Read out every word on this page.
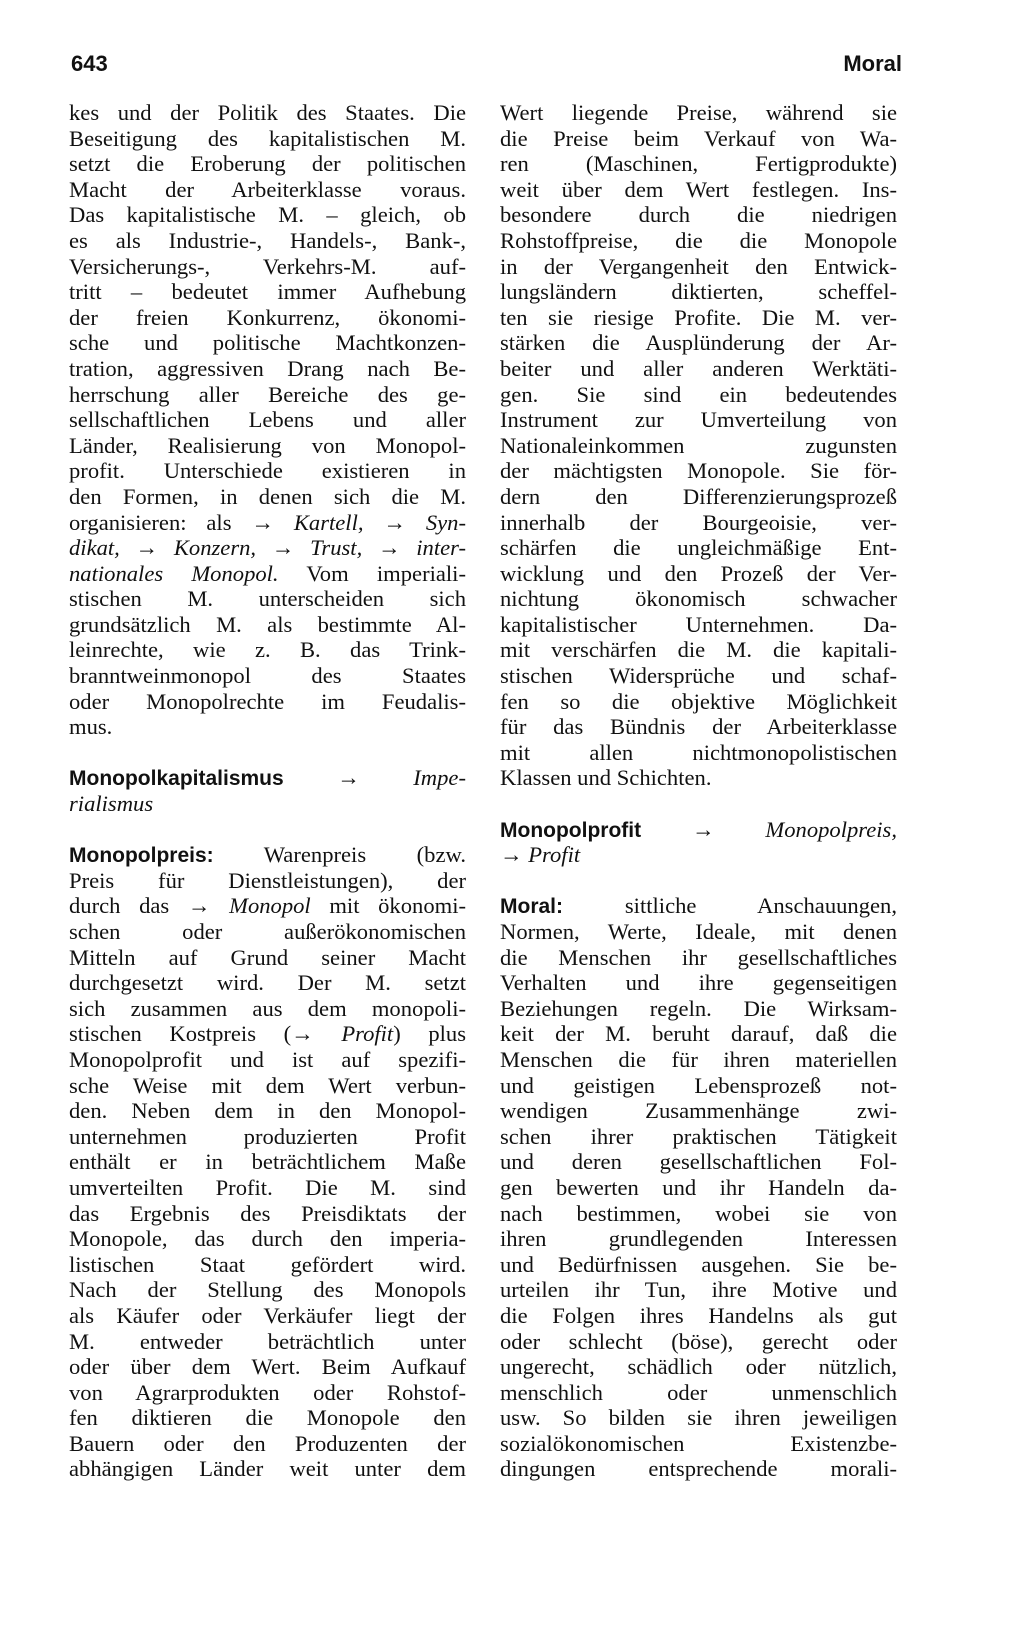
643	Moral
kes und der Politik des Staates. Die
Beseitigung des kapitalistischen M.
setzt die Eroberung der politischen
Macht der Arbeiterklasse voraus.
Das kapitalistische M. – gleich, ob
es als Industrie-, Handels-, Bank-,
Versicherungs-, Verkehrs-M. auf-
tritt – bedeutet immer Aufhebung
der freien Konkurrenz, ökonomi-
sche und politische Machtkonzen-
tration, aggressiven Drang nach Be-
herrschung aller Bereiche des ge-
sellschaftlichen Lebens und aller
Länder, Realisierung von Monopol-
profit. Unterschiede existieren in
den Formen, in denen sich die M.
organisieren: als → Kartell, → Syn-
dikat, → Konzern, → Trust, → inter-
nationales Monopol. Vom imperiali-
stischen M. unterscheiden sich
grundsätzlich M. als bestimmte Al-
leinrechte, wie z. B. das Trink-
branntweinmonopol des Staates
oder Monopolrechte im Feudalis-
mus.
Monopolkapitalismus → Impe-
rialismus
Monopolpreis: Warenpreis (bzw.
Preis für Dienstleistungen), der
durch das → Monopol mit ökonomi-
schen oder außerökonomischen
Mitteln auf Grund seiner Macht
durchgesetzt wird. Der M. setzt
sich zusammen aus dem monopoli-
stischen Kostpreis (→ Profit) plus
Monopolprofit und ist auf spezifi-
sche Weise mit dem Wert verbun-
den. Neben dem in den Monopol-
unternehmen produzierten Profit
enthält er in beträchtlichem Maße
umverteilten Profit. Die M. sind
das Ergebnis des Preisdiktats der
Monopole, das durch den imperia-
listischen Staat gefördert wird.
Nach der Stellung des Monopols
als Käufer oder Verkäufer liegt der
M. entweder beträchtlich unter
oder über dem Wert. Beim Aufkauf
von Agrarprodukten oder Rohstof-
fen diktieren die Monopole den
Bauern oder den Produzenten der
abhängigen Länder weit unter dem
Wert liegende Preise, während sie
die Preise beim Verkauf von Wa-
ren (Maschinen, Fertigprodukte)
weit über dem Wert festlegen. Ins-
besondere durch die niedrigen
Rohstoffpreise, die die Monopole
in der Vergangenheit den Entwick-
lungsländern diktierten, scheffel-
ten sie riesige Profite. Die M. ver-
stärken die Ausplünderung der Ar-
beiter und aller anderen Werktäti-
gen. Sie sind ein bedeutendes
Instrument zur Umverteilung von
Nationaleinkommen zugunsten
der mächtigsten Monopole. Sie för-
dern den Differenzierungsprozeß
innerhalb der Bourgeoisie, ver-
schärfen die ungleichmäßige Ent-
wicklung und den Prozeß der Ver-
nichtung ökonomisch schwacher
kapitalistischer Unternehmen. Da-
mit verschärfen die M. die kapitali-
stischen Widersprüche und schaf-
fen so die objektive Möglichkeit
für das Bündnis der Arbeiterklasse
mit allen nichtmonopolistischen
Klassen und Schichten.
Monopolprofit → Monopolpreis,
→ Profit
Moral:	sittliche Anschauungen,
Normen, Werte, Ideale, mit denen
die Menschen ihr gesellschaftliches
Verhalten und ihre gegenseitigen
Beziehungen regeln. Die Wirksam-
keit der M. beruht darauf, daß die
Menschen die für ihren materiellen
und geistigen Lebensprozeß not-
wendigen Zusammenhänge zwi-
schen ihrer praktischen Tätigkeit
und deren gesellschaftlichen Fol-
gen bewerten und ihr Handeln da-
nach bestimmen, wobei sie von
ihren grundlegenden Interessen
und Bedürfnissen ausgehen. Sie be-
urteilen ihr Tun, ihre Motive und
die Folgen ihres Handelns als gut
oder schlecht (böse), gerecht oder
ungerecht, schädlich oder nützlich,
menschlich oder unmenschlich
usw. So bilden sie ihren jeweiligen
sozialökonomischen Existenzbe-
dingungen entsprechende morali-
